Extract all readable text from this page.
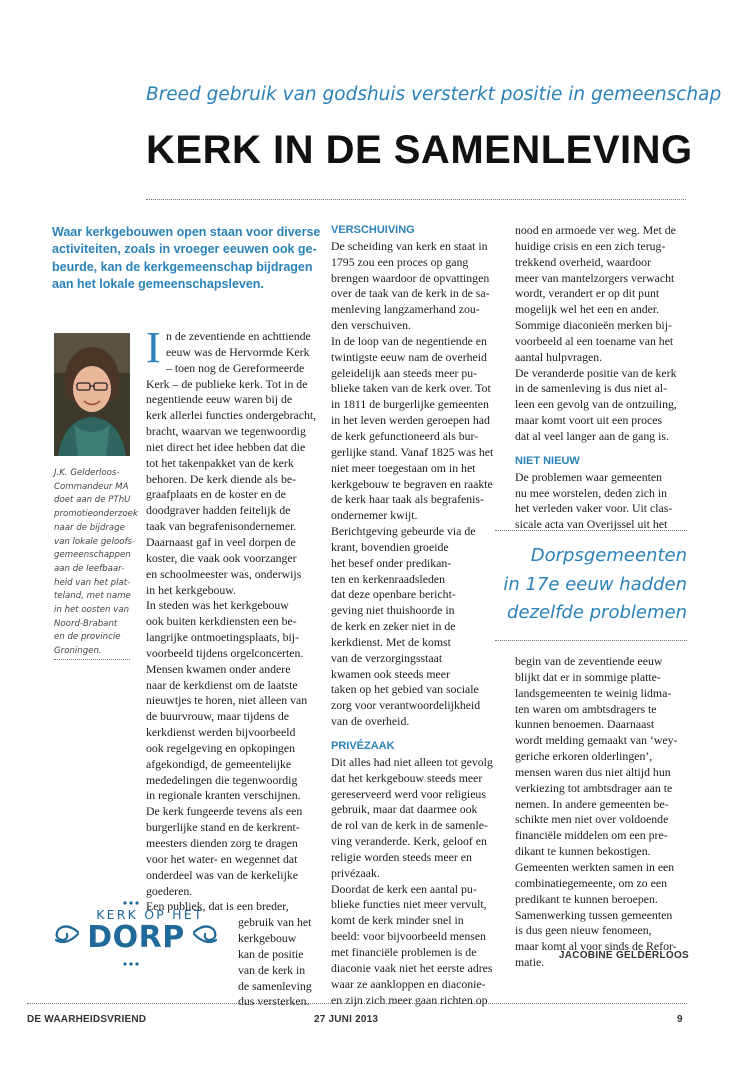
Breed gebruik van godshuis versterkt positie in gemeenschap
KERK IN DE SAMENLEVING
Waar kerkgebouwen open staan voor diverse
activiteiten, zoals in vroeger eeuwen ook ge-
beurde, kan de kerkgemeenschap bijdragen
aan het lokale gemeenschapsleven.
J.K. Gelderloos-
Commandeur MA
doet aan de PThU
promotieonderzoek
naar de bijdrage
van lokale geloofs-
gemeenschappen
aan de leefbaar-
heid van het plat-
teland, met name
in het oosten van
Noord-Brabant
en de provincie
Groningen.
I n de zeventiende en achttiende
eeuw was de Hervormde Kerk
– toen nog de Gereformeerde
Kerk – de publieke kerk. Tot in de
negentiende eeuw waren bij de
kerk allerlei functies ondergebracht,
bracht, waarvan we tegenwoordig
niet direct het idee hebben dat die
tot het takenpakket van de kerk
behoren. De kerk diende als be-
graafplaats en de koster en de
doodgraver hadden feitelijk de
taak van begrafenisondernemer.
Daarnaast gaf in veel dorpen de
koster, die vaak ook voorzanger
en schoolmeester was, onderwijs
in het kerkgebouw.
In steden was het kerkgebouw
ook buiten kerkdiensten een be-
langrijke ontmoetingsplaats, bij-
voorbeeld tijdens orgelconcerten.
Mensen kwamen onder andere
naar de kerkdienst om de laatste
nieuwtjes te horen, niet alleen van
de buurvrouw, maar tijdens de
kerkdienst werden bijvoorbeeld
ook regelgeving en opkopingen
afgekondigd, de gemeentelijke
mededelingen die tegenwoordig
in regionale kranten verschijnen.
De kerk fungeerde tevens als een
burgerlijke stand en de kerkrent-
meesters dienden zorg te dragen
voor het water- en wegennet dat
onderdeel was van de kerkelijke
goederen.
Een publiek, dat is een breder,
gebruik van het
kerkgebouw
kan de positie
van de kerk in
de samenleving
dus versterken.
KERK OP HET
DORP
VERSCHUIVING
De scheiding van kerk en staat in
1795 zou een proces op gang
brengen waardoor de opvattingen
over de taak van de kerk in de sa-
menleving langzamerhand zou-
den verschuiven.
In de loop van de negentiende en
twintigste eeuw nam de overheid
geleidelijk aan steeds meer pu-
blieke taken van de kerk over. Tot
in 1811 de burgerlijke gemeenten
in het leven werden geroepen had
de kerk gefunctioneerd als bur-
gerlijke stand. Vanaf 1825 was het
niet meer toegestaan om in het
kerkgebouw te begraven en raakte
de kerk haar taak als begrafenis-
ondernemer kwijt.
Berichtgeving gebeurde via de
krant, bovendien groeide
het besef onder predikan-
ten en kerkenraadsleden
dat deze openbare bericht-
geving niet thuishoorde in
de kerk en zeker niet in de
kerkdienst. Met de komst
van de verzorgingsstaat
kwamen ook steeds meer
taken op het gebied van sociale
zorg voor verantwoordelijkheid
van de overheid.
PRIVÉZAAK
Dit alles had niet alleen tot gevolg
dat het kerkgebouw steeds meer
gereserveerd werd voor religieus
gebruik, maar dat daarmee ook
de rol van de kerk in de samenle-
ving veranderde. Kerk, geloof en
religie worden steeds meer en
privézaak.
Doordat de kerk een aantal pu-
blieke functies niet meer vervult,
komt de kerk minder snel in
beeld: voor bijvoorbeeld mensen
met financiële problemen is de
diaconie vaak niet het eerste adres
waar ze aankloppen en diaconie-
en zijn zich meer gaan richten op
nood en armoede ver weg. Met de
huidige crisis en een zich terug-
trekkend overheid, waardoor
meer van mantelzorgers verwacht
wordt, verandert er op dit punt
mogelijk wel het een en ander.
Sommige diaconieën merken bij-
voorbeeld al een toename van het
aantal hulpvragen.
De veranderde positie van de kerk
in de samenleving is dus niet al-
leen een gevolg van de ontzuiling,
maar komt voort uit een proces
dat al veel langer aan de gang is.
NIET NIEUW
De problemen waar gemeenten
nu mee worstelen, deden zich in
het verleden vaker voor. Uit clas-
sicale acta van Overijssel uit het
Dorpsgemeenten
in 17e eeuw hadden
dezelfde problemen
begin van de zeventiende eeuw
blijkt dat er in sommige platte-
landsgemeenten te weinig lidma-
ten waren om ambtsdragers te
kunnen benoemen. Daarnaast
wordt melding gemaakt van ‘wey-
geriche erkoren olderlingen’,
mensen waren dus niet altijd hun
verkiezing tot ambtsdrager aan te
nemen. In andere gemeenten be-
schikte men niet over voldoende
financiële middelen om een pre-
dikant te kunnen bekostigen.
Gemeenten werkten samen in een
combinatiegemeente, om zo een
predikant te kunnen beroepen.
Samenwerking tussen gemeenten
is dus geen nieuw fenomeen,
maar komt al voor sinds de Refor-
matie.	JACOBINE GELDERLOOS
DE WAARHEIDSVRIEND	27 JUNI 2013	9
